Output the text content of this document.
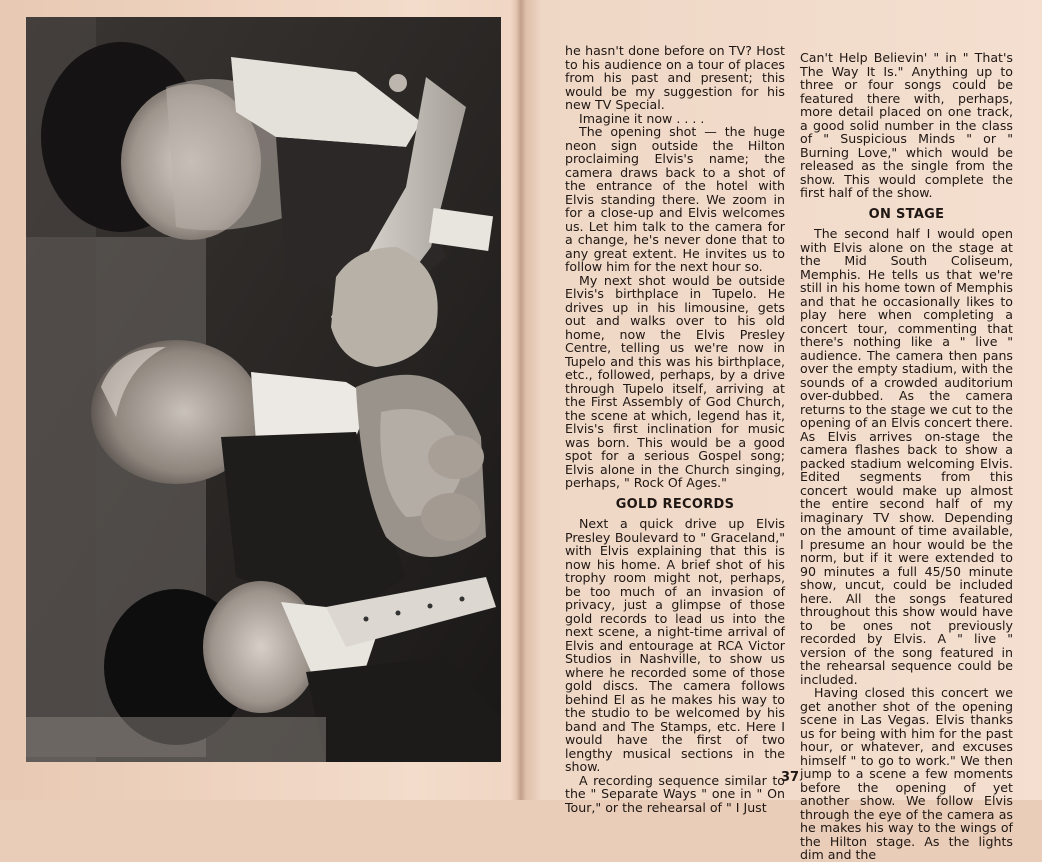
he hasn't done before on TV? Host to his audience on a tour of places from his past and present; this would be my suggestion for his new TV Special.

Imagine it now . . . .

The opening shot — the huge neon sign outside the Hilton proclaiming Elvis's name; the camera draws back to a shot of the entrance of the hotel with Elvis standing there. We zoom in for a close-up and Elvis welcomes us. Let him talk to the camera for a change, he's never done that to any great extent. He invites us to follow him for the next hour so.

My next shot would be outside Elvis's birthplace in Tupelo. He drives up in his limousine, gets out and walks over to his old home, now the Elvis Presley Centre, telling us we're now in Tupelo and this was his birthplace, etc., followed, perhaps, by a drive through Tupelo itself, arriving at the First Assembly of God Church, the scene at which, legend has it, Elvis's first inclination for music was born. This would be a good spot for a serious Gospel song; Elvis alone in the Church singing, perhaps, " Rock Of Ages."

GOLD RECORDS

Next a quick drive up Elvis Presley Boulevard to " Graceland," with Elvis explaining that this is now his home. A brief shot of his trophy room might not, perhaps, be too much of an invasion of privacy, just a glimpse of those gold records to lead us into the next scene, a night-time arrival of Elvis and entourage at RCA Victor Studios in Nashville, to show us where he recorded some of those gold discs. The camera follows behind El as he makes his way to the studio to be welcomed by his band and The Stamps, etc. Here I would have the first of two lengthy musical sections in the show.

A recording sequence similar to the " Separate Ways " one in " On Tour," or the rehearsal of " I Just

Can't Help Believin' " in " That's The Way It Is." Anything up to three or four songs could be featured there with, perhaps, more detail placed on one track, a good solid number in the class of " Suspicious Minds " or " Burning Love," which would be released as the single from the show. This would complete the first half of the show.

ON STAGE

The second half I would open with Elvis alone on the stage at the Mid South Coliseum, Memphis. He tells us that we're still in his home town of Memphis and that he occasionally likes to play here when completing a concert tour, commenting that there's nothing like a " live " audience. The camera then pans over the empty stadium, with the sounds of a crowded auditorium over-dubbed. As the camera returns to the stage we cut to the opening of an Elvis concert there. As Elvis arrives on-stage the camera flashes back to show a packed stadium welcoming Elvis. Edited segments from this concert would make up almost the entire second half of my imaginary TV show. Depending on the amount of time available, I presume an hour would be the norm, but if it were extended to 90 minutes a full 45/50 minute show, uncut, could be included here. All the songs featured throughout this show would have to be ones not previously recorded by Elvis. A " live " version of the song featured in the rehearsal sequence could be included.

Having closed this concert we get another shot of the opening scene in Las Vegas. Elvis thanks us for being with him for the past hour, or whatever, and excuses himself " to go to work." We then jump to a scene a few moments before the opening of yet another show. We follow Elvis through the eye of the camera as he makes his way to the wings of the Hilton stage. As the lights dim and the

37
